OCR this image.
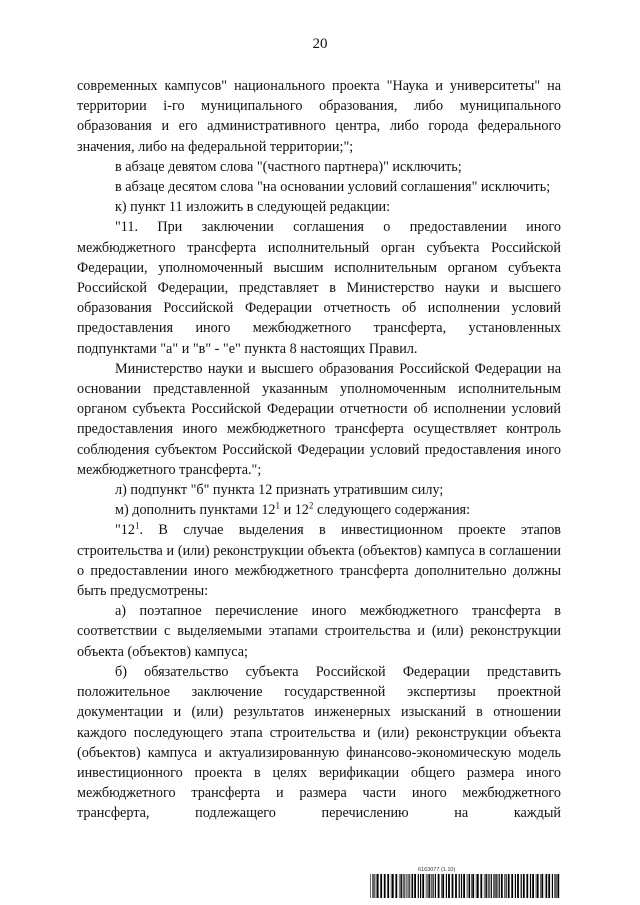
20

современных кампусов" национального проекта "Наука и университеты" на территории i-го муниципального образования, либо муниципального образования и его административного центра, либо города федерального значения, либо на федеральной территории;";

в абзаце девятом слова "(частного партнера)" исключить;

в абзаце десятом слова "на основании условий соглашения" исключить;

к) пункт 11 изложить в следующей редакции:

"11. При заключении соглашения о предоставлении иного межбюджетного трансферта исполнительный орган субъекта Российской Федерации, уполномоченный высшим исполнительным органом субъекта Российской Федерации, представляет в Министерство науки и высшего образования Российской Федерации отчетность об исполнении условий предоставления иного межбюджетного трансферта, установленных подпунктами "а" и "в" - "е" пункта 8 настоящих Правил.

Министерство науки и высшего образования Российской Федерации на основании представленной указанным уполномоченным исполнительным органом субъекта Российской Федерации отчетности об исполнении условий предоставления иного межбюджетного трансферта осуществляет контроль соблюдения субъектом Российской Федерации условий предоставления иного межбюджетного трансферта.";

л) подпункт "б" пункта 12 признать утратившим силу;

м) дополнить пунктами $12^1$ и $12^2$ следующего содержания:

"$12^1$. В случае выделения в инвестиционном проекте этапов строительства и (или) реконструкции объекта (объектов) кампуса в соглашении о предоставлении иного межбюджетного трансферта дополнительно должны быть предусмотрены:

а) поэтапное перечисление иного межбюджетного трансферта в соответствии с выделяемыми этапами строительства и (или) реконструкции объекта (объектов) кампуса;

б) обязательство субъекта Российской Федерации представить положительное заключение государственной экспертизы проектной документации и (или) результатов инженерных изысканий в отношении каждого последующего этапа строительства и (или) реконструкции объекта (объектов) кампуса и актуализированную финансово-экономическую модель инвестиционного проекта в целях верификации общего размера иного межбюджетного трансферта и размера части иного межбюджетного трансферта, подлежащего перечислению на каждый

6163077 (1.10)
